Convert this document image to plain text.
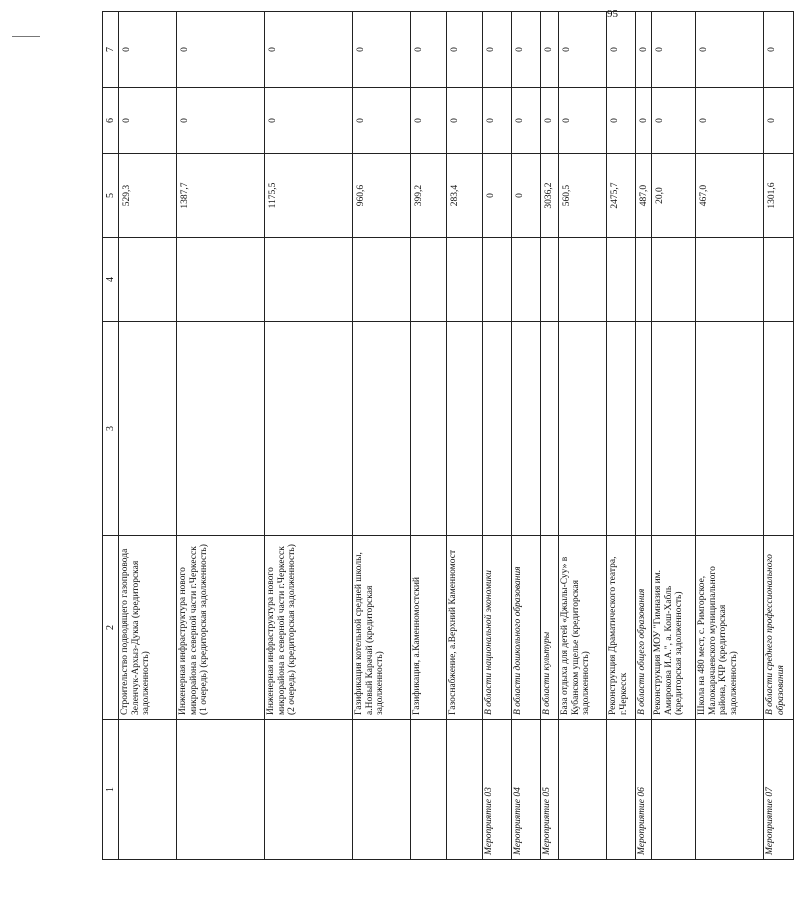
95
1	2	3	4	5	6	7
	Строительство подводящего газопровода Зеленчук-Архыз-Дукка (кредиторская задолженность)			529,3	0	0
	Инженерная инфраструктура нового микрорайона в северной части г.Черкесск (1 очередь) (кредиторская задолженность)			1387,7	0	0
	Инженерная инфраструктура нового микрорайона в северной части г.Черкесск (2 очередь) (кредиторская задолженность)			1175,5	0	0
	Газификация котельной средней школы, а.Новый Карачай (кредиторская задолженность)			960,6	0	0
	Газификация, а.Каменномостский			399,2	0	0
	Газоснабжение, а.Верхний Каменномост			283,4	0	0
Мероприятие 03	В области национальной экономики			0	0	0
Мероприятие 04	В области дошкольного образования			0	0	0
Мероприятие 05	В области культуры			3036,2	0	0
	База отдыха для детей «Джылы-Суу» в Кубанском ущелье (кредиторская задолженность)			560,5	0	0
	Реконструкция Драматического театра, г.Черкесск			2475,7	0	0
Мероприятие 06	В области общего образования			487,0	0	0
	Реконструкция МОУ "Гимназия им. Амирокова И.А.", а. Кош-Хабль (кредиторская задолженность)			20,0	0	0
	Школа на 480 мест, с. Римгорское, Малокарачаевского муниципального района, КЧР (кредиторская задолженность)			467,0	0	0
Мероприятие 07	В области среднего профессионального образования			1301,6	0	0
